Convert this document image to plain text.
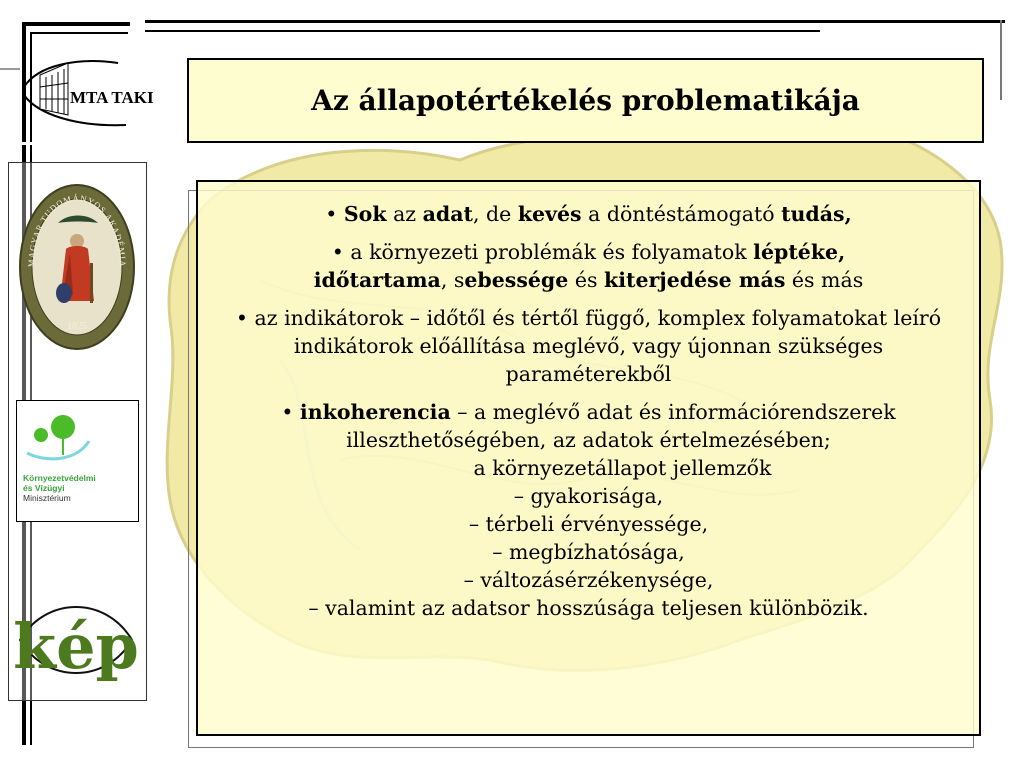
MTA TAKI
MAGYAR TUDOMÁNYOS AKADÉMIA
1825
Környezetvédelmi
és Vízügyi
Minisztérium
kép
Az állapotértékelés problematikája

• Sok az adat, de kevés a döntéstámogató tudás,

• a környezeti problémák és folyamatok léptéke,
időtartama, sebessége és kiterjedése más és más

• az indikátorok – időtől és tértől függő, komplex folyamatokat leíró indikátorok előállítása meglévő, vagy újonnan szükséges paraméterekből

• inkoherencia – a meglévő adat és információrendszerek illeszthetőségében, az adatok értelmezésében;

a környezetállapot jellemzők
– gyakorisága,
– térbeli érvényessége,
– megbízhatósága,
– változásérzékenysége,
– valamint az adatsor hosszúsága teljesen különbözik.
